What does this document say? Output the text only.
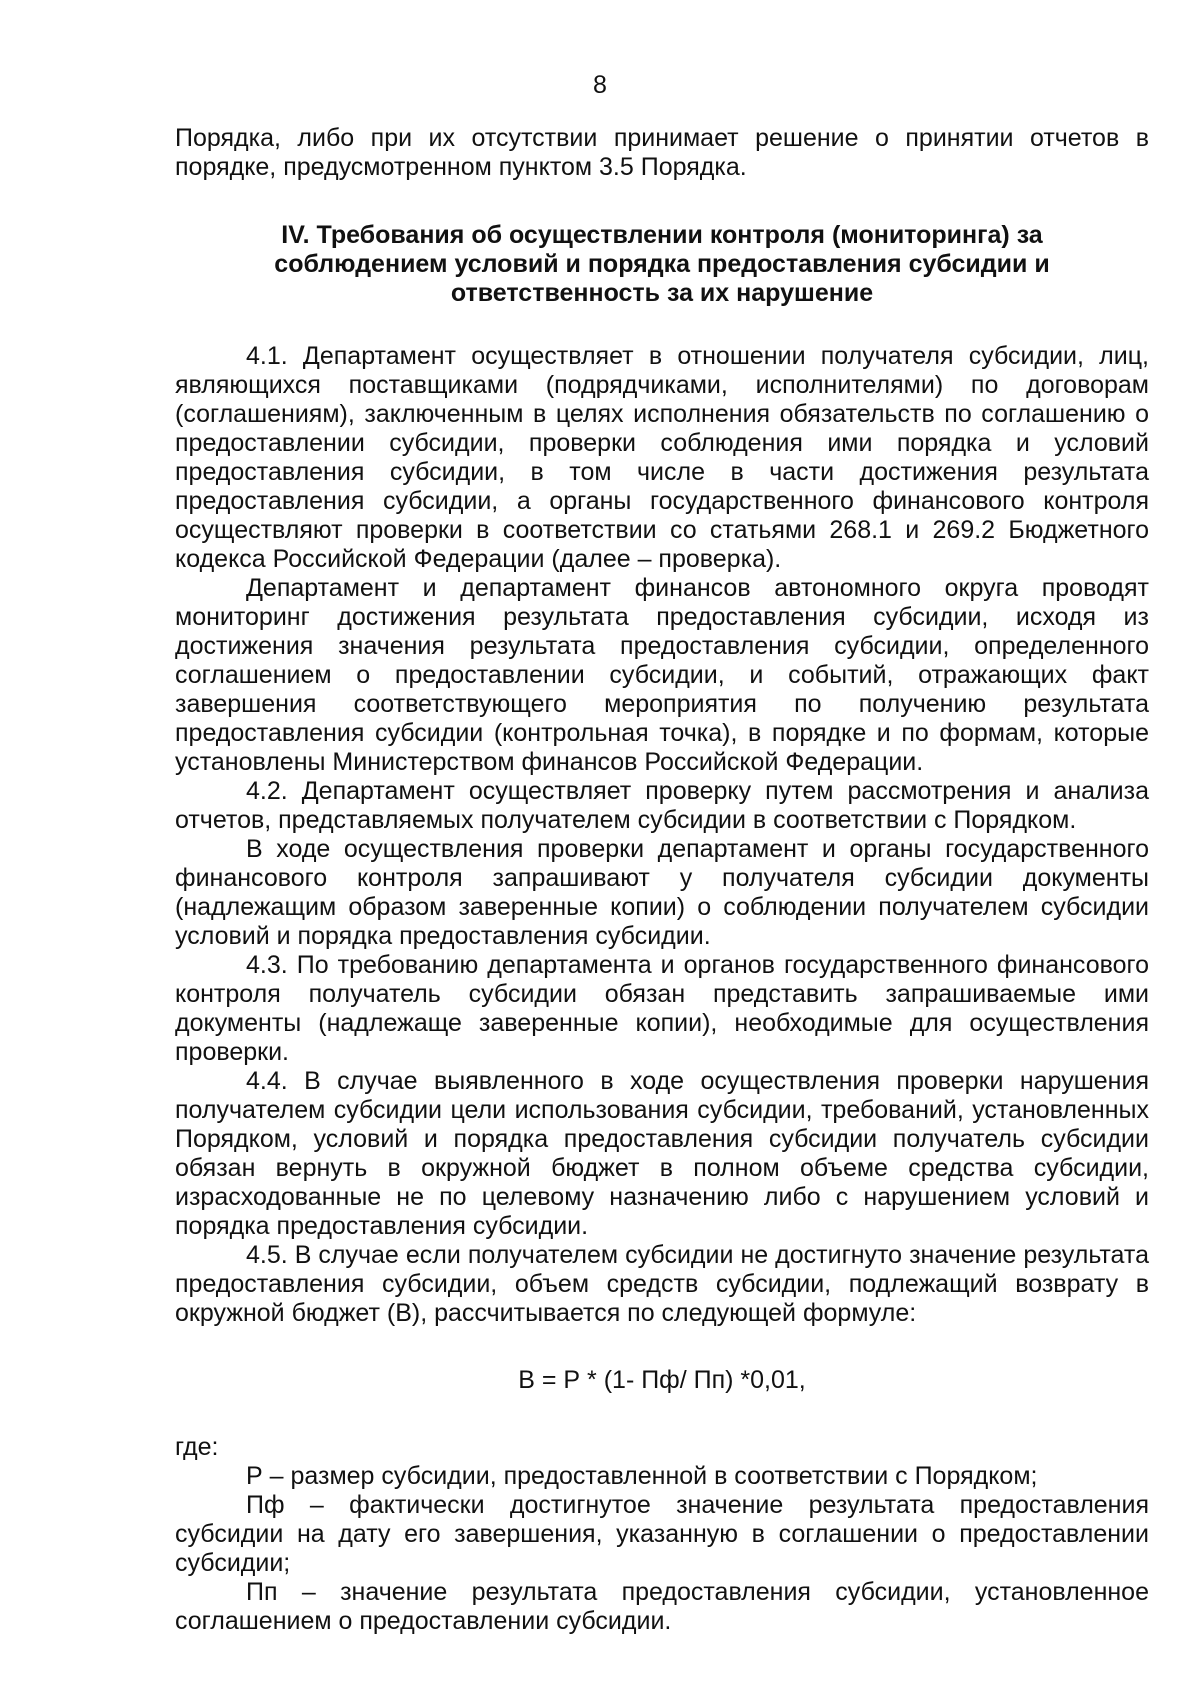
8

Порядка, либо при их отсутствии принимает решение о принятии отчетов в порядке, предусмотренном пунктом 3.5 Порядка.

IV. Требования об осуществлении контроля (мониторинга) за соблюдением условий и порядка предоставления субсидии и ответственность за их нарушение

4.1. Департамент осуществляет в отношении получателя субсидии, лиц, являющихся поставщиками (подрядчиками, исполнителями) по договорам (соглашениям), заключенным в целях исполнения обязательств по соглашению о предоставлении субсидии, проверки соблюдения ими порядка и условий предоставления субсидии, в том числе в части достижения результата предоставления субсидии, а органы государственного финансового контроля осуществляют проверки в соответствии со статьями 268.1 и 269.2 Бюджетного кодекса Российской Федерации (далее – проверка).

Департамент и департамент финансов автономного округа проводят мониторинг достижения результата предоставления субсидии, исходя из достижения значения результата предоставления субсидии, определенного соглашением о предоставлении субсидии, и событий, отражающих факт завершения соответствующего мероприятия по получению результата предоставления субсидии (контрольная точка), в порядке и по формам, которые установлены Министерством финансов Российской Федерации.

4.2. Департамент осуществляет проверку путем рассмотрения и анализа отчетов, представляемых получателем субсидии в соответствии с Порядком.

В ходе осуществления проверки департамент и органы государственного финансового контроля запрашивают у получателя субсидии документы (надлежащим образом заверенные копии) о соблюдении получателем субсидии условий и порядка предоставления субсидии.

4.3. По требованию департамента и органов государственного финансового контроля получатель субсидии обязан представить запрашиваемые ими документы (надлежаще заверенные копии), необходимые для осуществления проверки.

4.4. В случае выявленного в ходе осуществления проверки нарушения получателем субсидии цели использования субсидии, требований, установленных Порядком, условий и порядка предоставления субсидии получатель субсидии обязан вернуть в окружной бюджет в полном объеме средства субсидии, израсходованные не по целевому назначению либо с нарушением условий и порядка предоставления субсидии.

4.5. В случае если получателем субсидии не достигнуто значение результата предоставления субсидии, объем средств субсидии, подлежащий возврату в окружной бюджет (В), рассчитывается по следующей формуле:

В = Р * (1- Пф/ Пп) *0,01,

где:

Р – размер субсидии, предоставленной в соответствии с Порядком;

Пф – фактически достигнутое значение результата предоставления субсидии на дату его завершения, указанную в соглашении о предоставлении субсидии;

Пп – значение результата предоставления субсидии, установленное соглашением о предоставлении субсидии.
